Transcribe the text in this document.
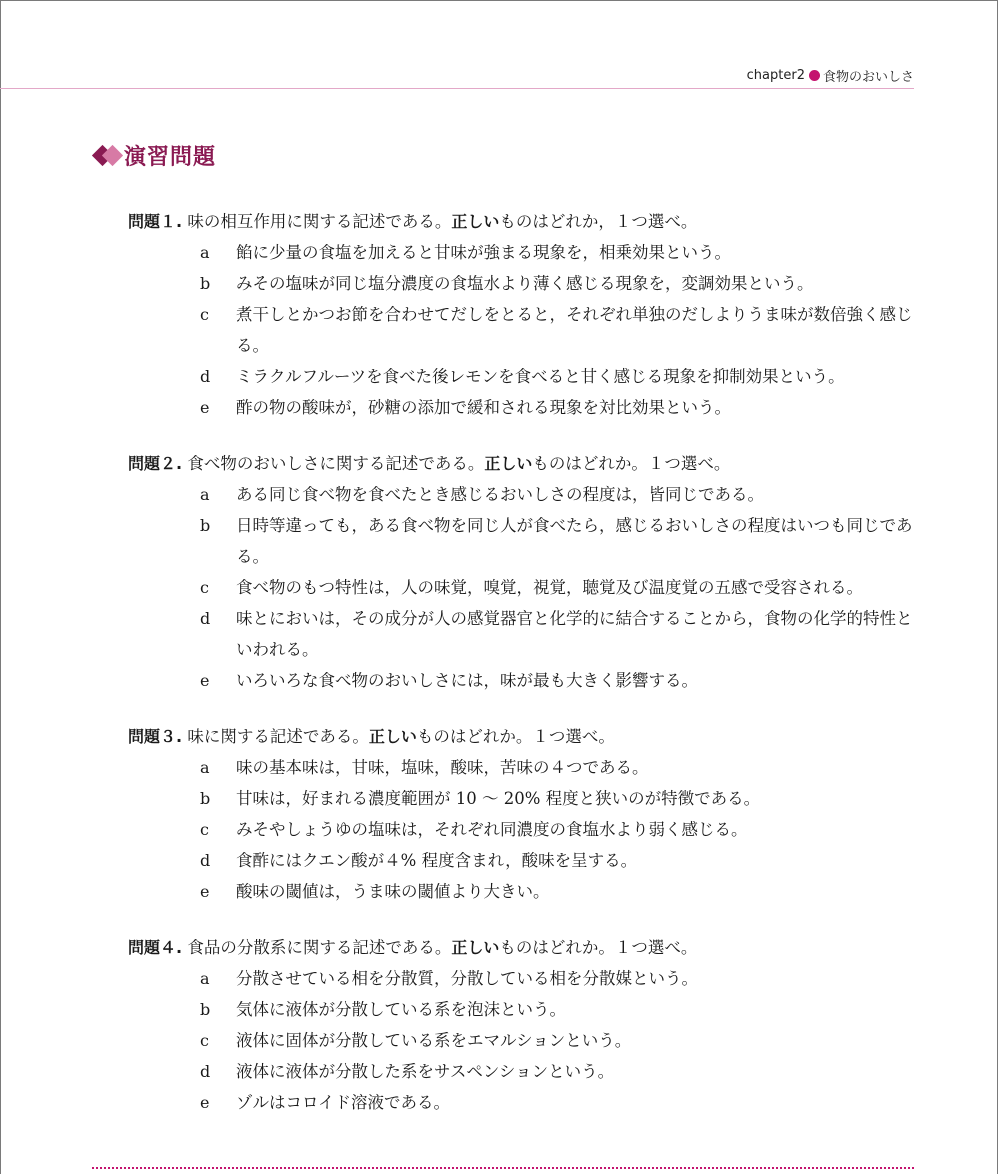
chapter2 食物のおいしさ
演習問題
問題１. 味の相互作用に関する記述である。正しいものはどれか，１つ選べ。
a 餡に少量の食塩を加えると甘味が強まる現象を，相乗効果という。
b みその塩味が同じ塩分濃度の食塩水より薄く感じる現象を，変調効果という。
c 煮干しとかつお節を合わせてだしをとると，それぞれ単独のだしよりうま味が数倍強く感じる。
d ミラクルフルーツを食べた後レモンを食べると甘く感じる現象を抑制効果という。
e 酢の物の酸味が，砂糖の添加で緩和される現象を対比効果という。
問題２. 食べ物のおいしさに関する記述である。正しいものはどれか。１つ選べ。
a ある同じ食べ物を食べたとき感じるおいしさの程度は，皆同じである。
b 日時等違っても，ある食べ物を同じ人が食べたら，感じるおいしさの程度はいつも同じである。
c 食べ物のもつ特性は，人の味覚，嗅覚，視覚，聴覚及び温度覚の五感で受容される。
d 味とにおいは，その成分が人の感覚器官と化学的に結合することから，食物の化学的特性といわれる。
e いろいろな食べ物のおいしさには，味が最も大きく影響する。
問題３. 味に関する記述である。正しいものはどれか。１つ選べ。
a 味の基本味は，甘味，塩味，酸味，苦味の４つである。
b 甘味は，好まれる濃度範囲が 10 ～ 20% 程度と狭いのが特徴である。
c みそやしょうゆの塩味は，それぞれ同濃度の食塩水より弱く感じる。
d 食酢にはクエン酸が４% 程度含まれ，酸味を呈する。
e 酸味の閾値は，うま味の閾値より大きい。
問題４. 食品の分散系に関する記述である。正しいものはどれか。１つ選べ。
a 分散させている相を分散質，分散している相を分散媒という。
b 気体に液体が分散している系を泡沫という。
c 液体に固体が分散している系をエマルションという。
d 液体に液体が分散した系をサスペンションという。
e ゾルはコロイド溶液である。
